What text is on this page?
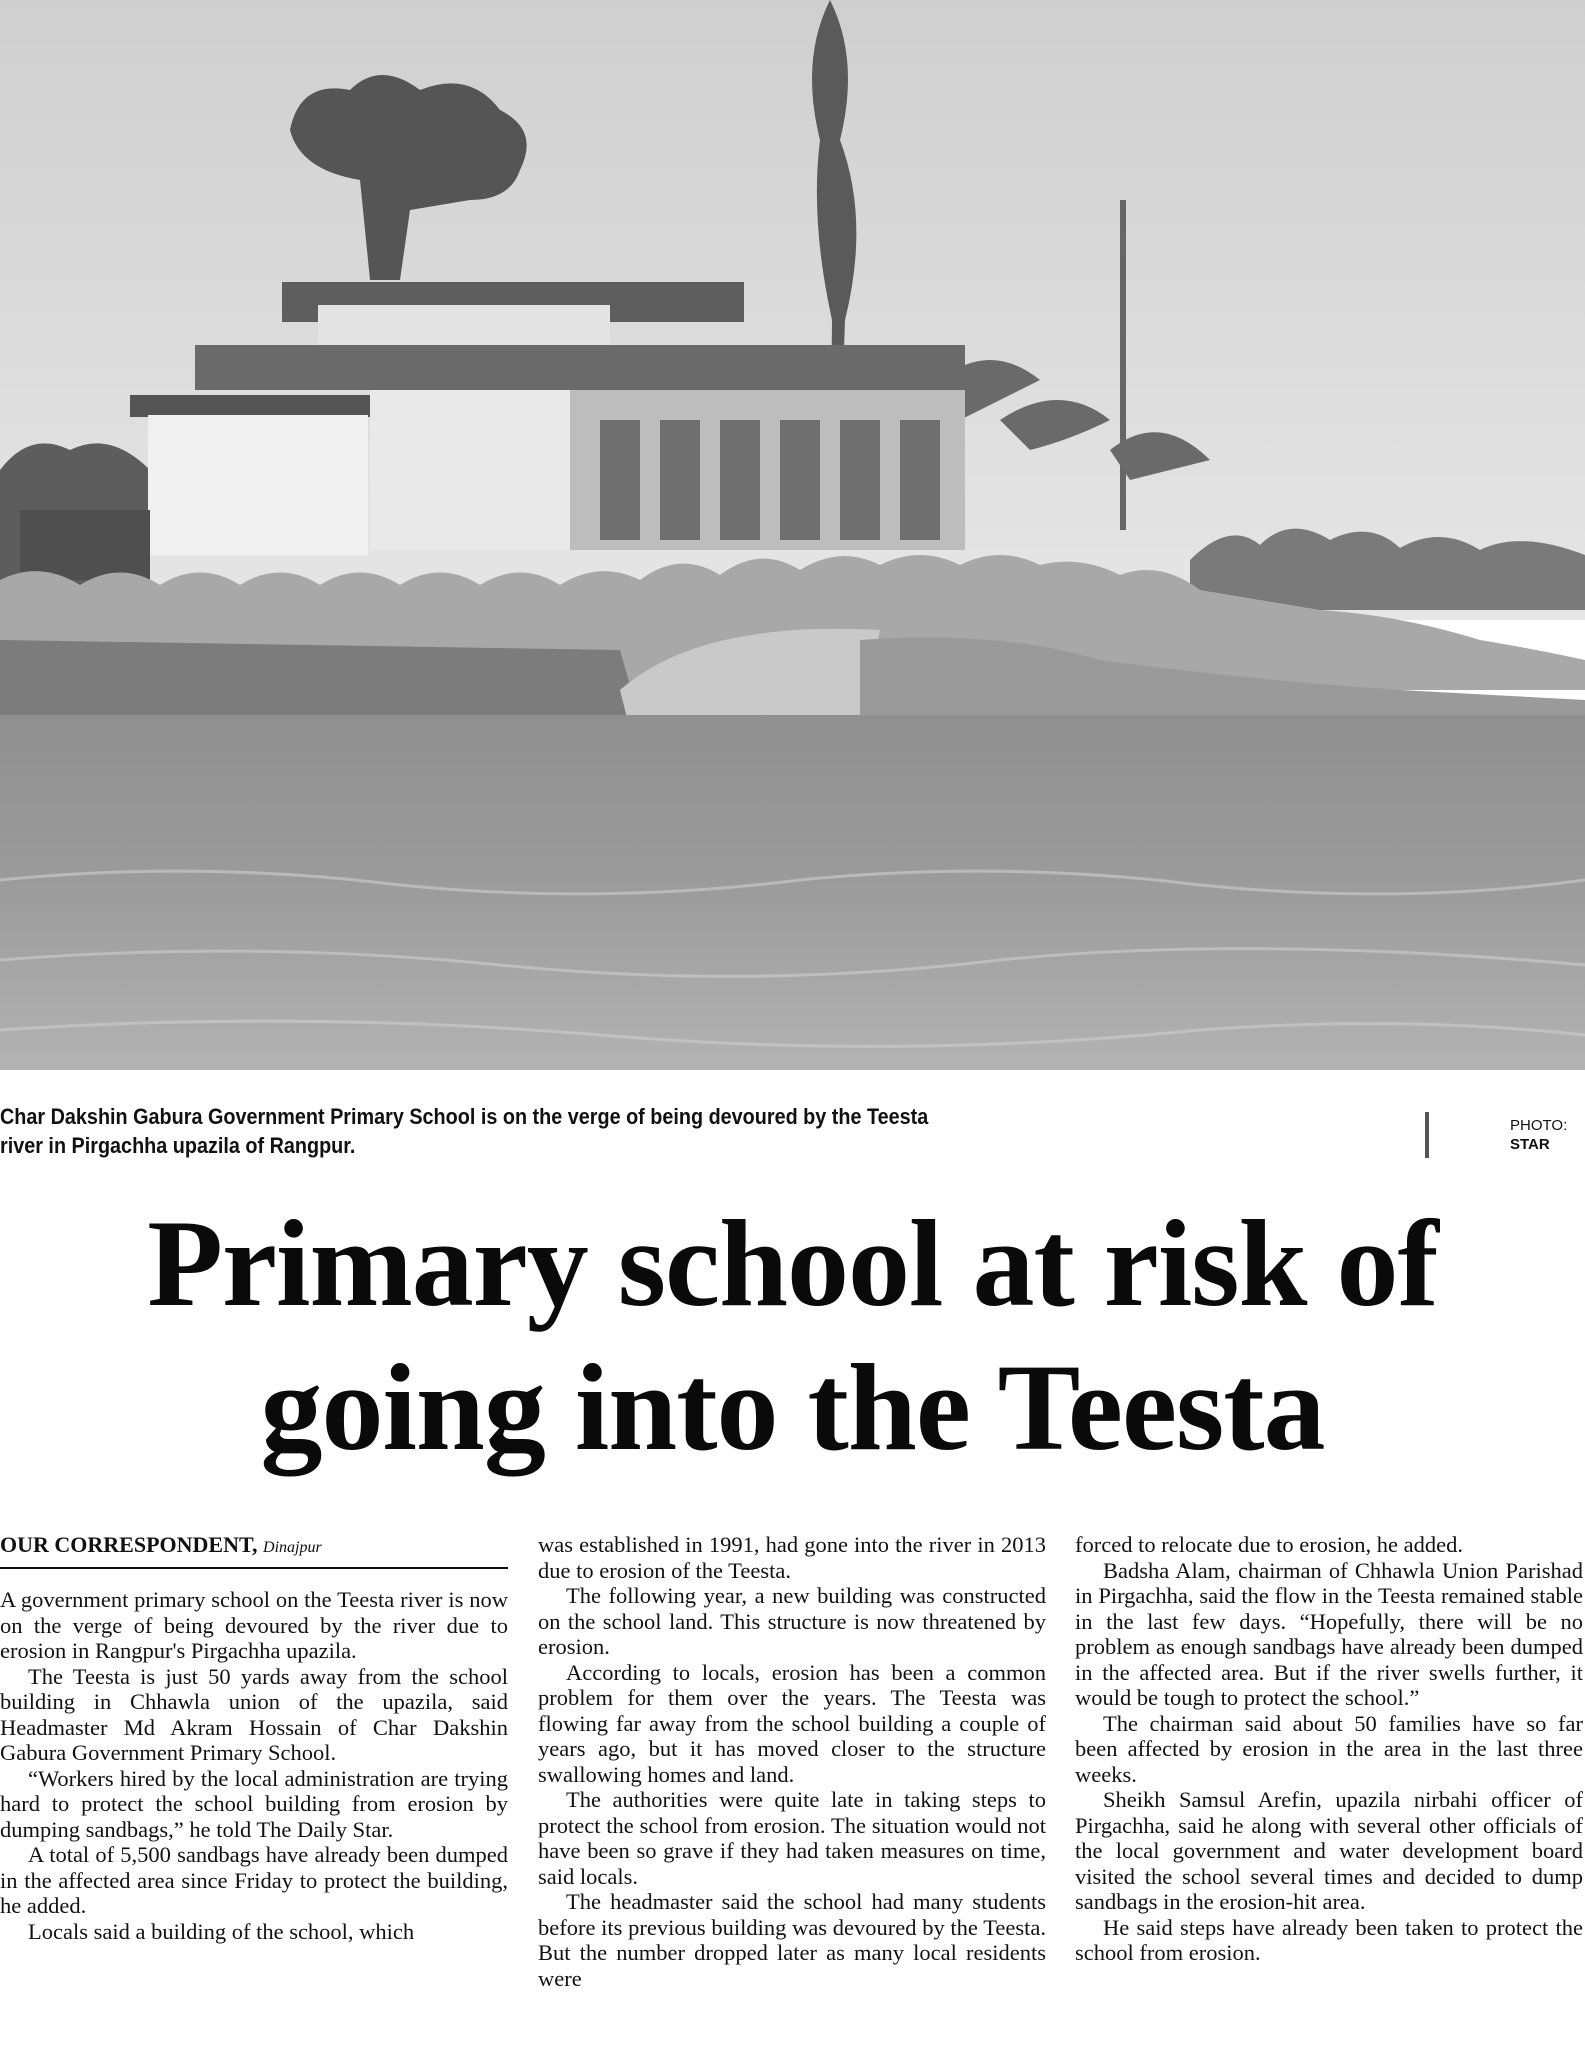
Char Dakshin Gabura Government Primary School is on the verge of being devoured by the Teesta river in Pirgachha upazila of Rangpur.
PHOTO:
STAR
Primary school at risk of
going into the Teesta
OUR CORRESPONDENT, Dinajpur

A government primary school on the Teesta river is now on the verge of being devoured by the river due to erosion in Rangpur's Pirgachha upazila.

The Teesta is just 50 yards away from the school building in Chhawla union of the upazila, said Headmaster Md Akram Hossain of Char Dakshin Gabura Government Primary School.

“Workers hired by the local administration are trying hard to protect the school building from erosion by dumping sandbags,” he told The Daily Star.

A total of 5,500 sandbags have already been dumped in the affected area since Friday to protect the building, he added.

Locals said a building of the school, which

was established in 1991, had gone into the river in 2013 due to erosion of the Teesta.

The following year, a new building was constructed on the school land. This structure is now threatened by erosion.

According to locals, erosion has been a common problem for them over the years. The Teesta was flowing far away from the school building a couple of years ago, but it has moved closer to the structure swallowing homes and land.

The authorities were quite late in taking steps to protect the school from erosion. The situation would not have been so grave if they had taken measures on time, said locals.

The headmaster said the school had many students before its previous building was devoured by the Teesta. But the number dropped later as many local residents were

forced to relocate due to erosion, he added.

Badsha Alam, chairman of Chhawla Union Parishad in Pirgachha, said the flow in the Teesta remained stable in the last few days. “Hopefully, there will be no problem as enough sandbags have already been dumped in the affected area. But if the river swells further, it would be tough to protect the school.”

The chairman said about 50 families have so far been affected by erosion in the area in the last three weeks.

Sheikh Samsul Arefin, upazila nirbahi officer of Pirgachha, said he along with several other officials of the local government and water development board visited the school several times and decided to dump sandbags in the erosion-hit area.

He said steps have already been taken to protect the school from erosion.
